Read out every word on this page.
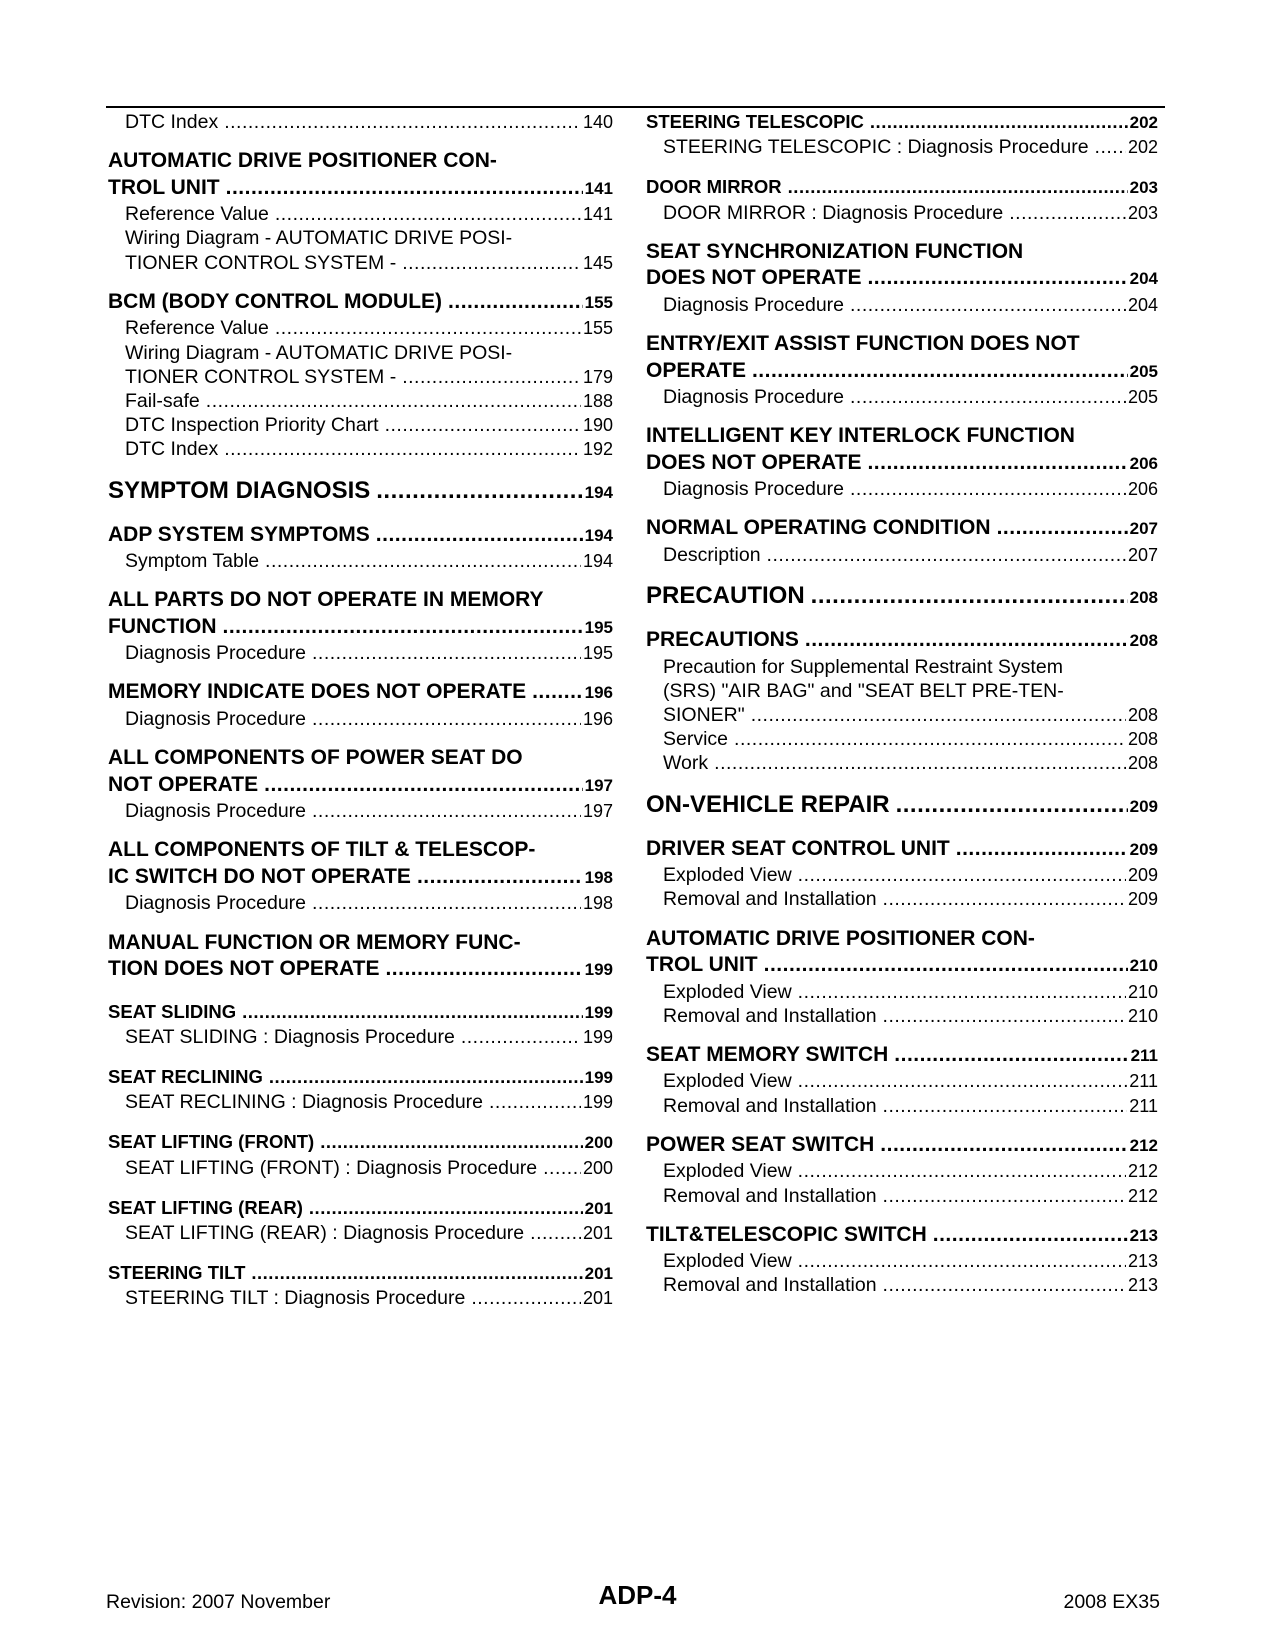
DTC Index .....	140
AUTOMATIC DRIVE POSITIONER CON-
TROL UNIT .....	141
Reference Value .....	141
Wiring Diagram - AUTOMATIC DRIVE POSI-
TIONER CONTROL SYSTEM - .....	145
BCM (BODY CONTROL MODULE) .....	155
Reference Value .....	155
Wiring Diagram - AUTOMATIC DRIVE POSI-
TIONER CONTROL SYSTEM - .....	179
Fail-safe .....	188
DTC Inspection Priority Chart .....	190
DTC Index .....	192
SYMPTOM DIAGNOSIS .....	194
ADP SYSTEM SYMPTOMS .....	194
Symptom Table .....	194
ALL PARTS DO NOT OPERATE IN MEMORY
FUNCTION .....	195
Diagnosis Procedure .....	195
MEMORY INDICATE DOES NOT OPERATE .....	196
Diagnosis Procedure .....	196
ALL COMPONENTS OF POWER SEAT DO
NOT OPERATE .....	197
Diagnosis Procedure .....	197
ALL COMPONENTS OF TILT & TELESCOP-
IC SWITCH DO NOT OPERATE .....	198
Diagnosis Procedure .....	198
MANUAL FUNCTION OR MEMORY FUNC-
TION DOES NOT OPERATE .....	199
SEAT SLIDING .....	199
SEAT SLIDING : Diagnosis Procedure .....	199
SEAT RECLINING .....	199
SEAT RECLINING : Diagnosis Procedure .....	199
SEAT LIFTING (FRONT) .....	200
SEAT LIFTING (FRONT) : Diagnosis Procedure .....	200
SEAT LIFTING (REAR) .....	201
SEAT LIFTING (REAR) : Diagnosis Procedure .....	201
STEERING TILT .....	201
STEERING TILT : Diagnosis Procedure .....	201
STEERING TELESCOPIC .....	202
STEERING TELESCOPIC : Diagnosis Procedure ..... 202
DOOR MIRROR .....	203
DOOR MIRROR : Diagnosis Procedure .....	203
SEAT SYNCHRONIZATION FUNCTION
DOES NOT OPERATE .....	204
Diagnosis Procedure .....	204
ENTRY/EXIT ASSIST FUNCTION DOES NOT
OPERATE .....	205
Diagnosis Procedure .....	205
INTELLIGENT KEY INTERLOCK FUNCTION
DOES NOT OPERATE .....	206
Diagnosis Procedure .....	206
NORMAL OPERATING CONDITION .....	207
Description .....	207
PRECAUTION .....	208
PRECAUTIONS .....	208
Precaution for Supplemental Restraint System
(SRS) "AIR BAG" and "SEAT BELT PRE-TEN-
SIONER" .....	208
Service .....	208
Work .....	208
ON-VEHICLE REPAIR .....	209
DRIVER SEAT CONTROL UNIT .....	209
Exploded View .....	209
Removal and Installation .....	209
AUTOMATIC DRIVE POSITIONER CON-
TROL UNIT .....	210
Exploded View .....	210
Removal and Installation .....	210
SEAT MEMORY SWITCH .....	211
Exploded View .....	211
Removal and Installation .....	211
POWER SEAT SWITCH .....	212
Exploded View .....	212
Removal and Installation .....	212
TILT&TELESCOPIC SWITCH .....	213
Exploded View .....	213
Removal and Installation .....	213
Revision: 2007 November	ADP-4	2008 EX35
